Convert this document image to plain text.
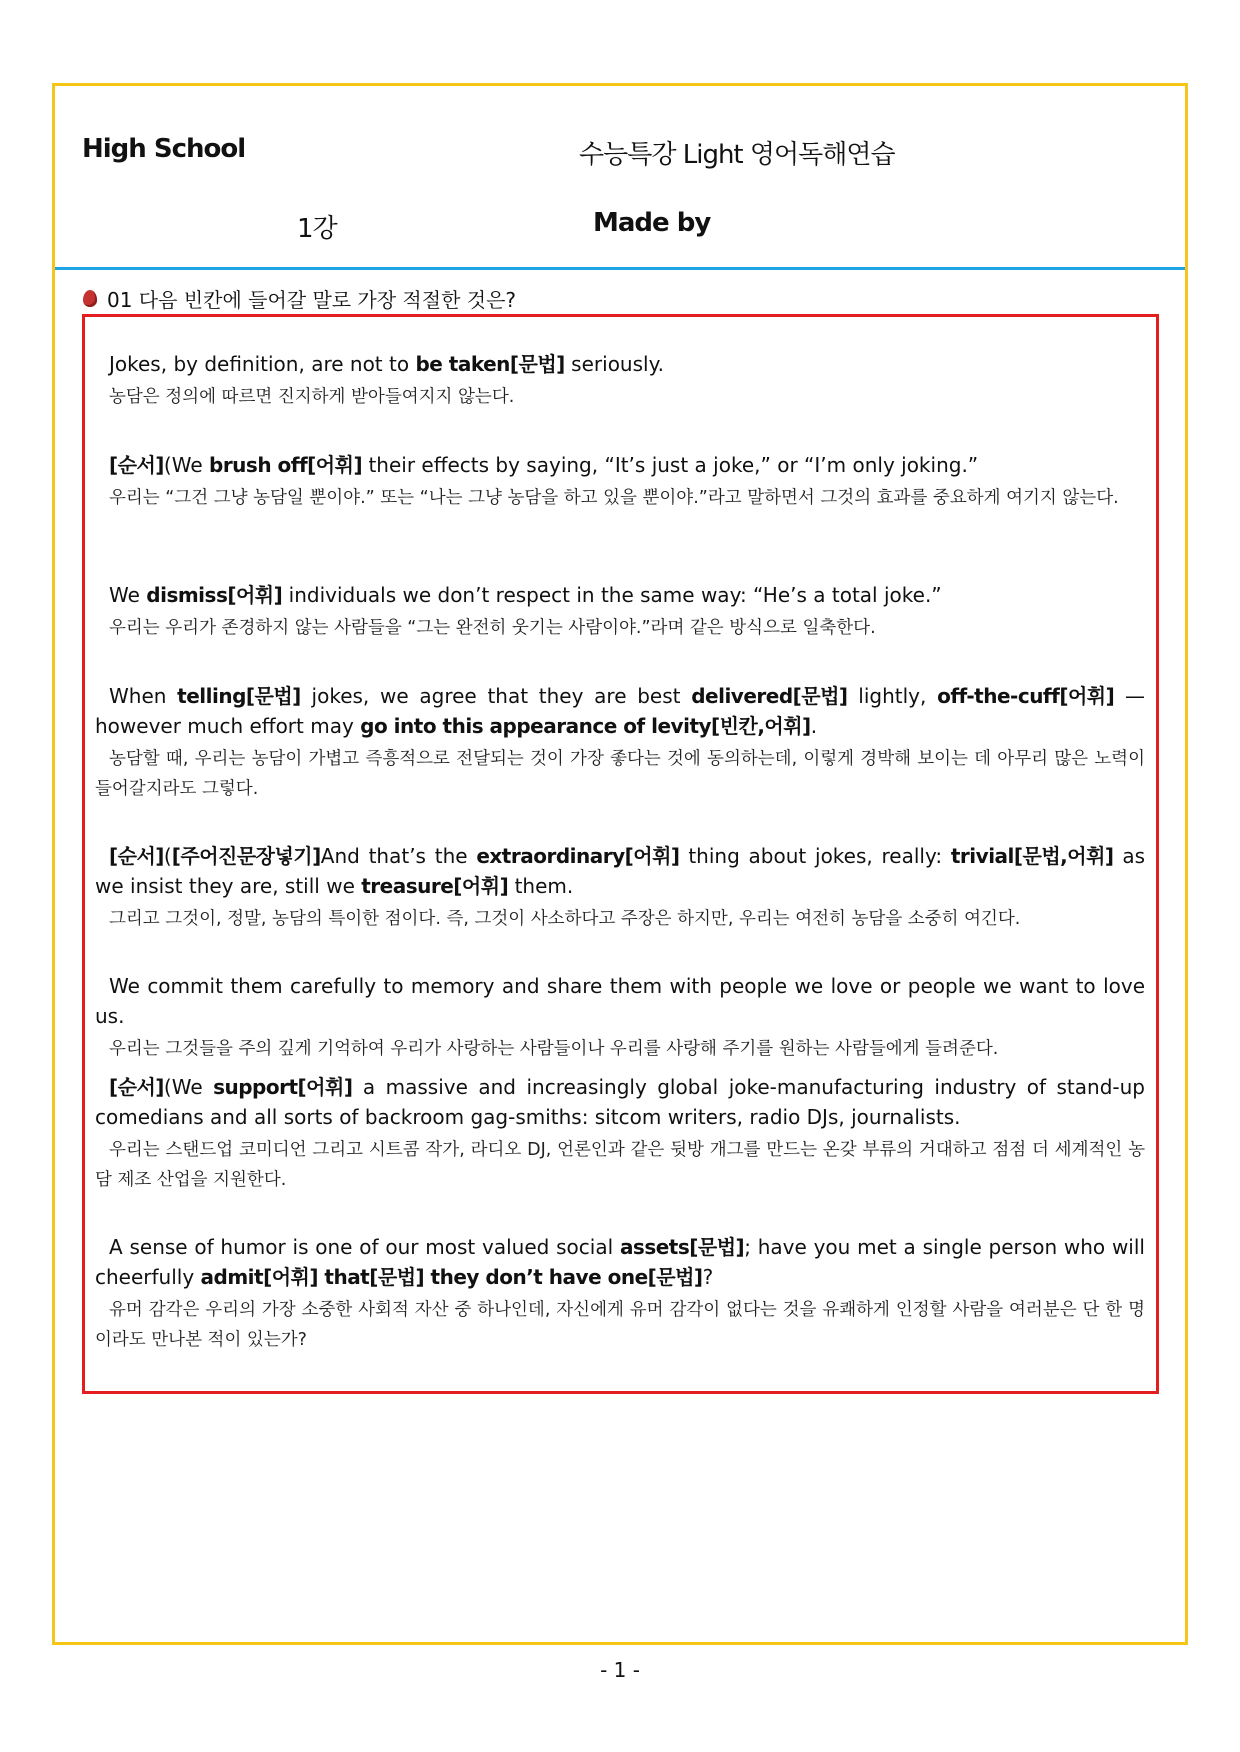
High School	수능특강 Light 영어독해연습
1강	Made by
01 다음 빈칸에 들어갈 말로 가장 적절한 것은?
Jokes, by definition, are not to be taken[문법] seriously.
농담은 정의에 따르면 진지하게 받아들여지지 않는다.
[순서](We brush off[어휘] their effects by saying, “It’s just a joke,” or “I’m only joking.”
우리는 “그건 그냥 농담일 뿐이야.” 또는 “나는 그냥 농담을 하고 있을 뿐이야.”라고 말하면서 그것의 효과를 중요하게 여기지 않는다.
We dismiss[어휘] individuals we don’t respect in the same way: “He’s a total joke.”
우리는 우리가 존경하지 않는 사람들을 “그는 완전히 웃기는 사람이야.”라며 같은 방식으로 일축한다.
When telling[문법] jokes, we agree that they are best delivered[문법] lightly, off-the-cuff[어휘] — however much effort may go into this appearance of levity[빈칸,어휘].
농담할 때, 우리는 농담이 가볍고 즉흥적으로 전달되는 것이 가장 좋다는 것에 동의하는데, 이렇게 경박해 보이는 데 아무리 많은 노력이 들어갈지라도 그렇다.
[순서]([주어진문장넣기]And that’s the extraordinary[어휘] thing about jokes, really: trivial[문법,어휘] as we insist they are, still we treasure[어휘] them.
그리고 그것이, 정말, 농담의 특이한 점이다. 즉, 그것이 사소하다고 주장은 하지만, 우리는 여전히 농담을 소중히 여긴다.
We commit them carefully to memory and share them with people we love or people we want to love us.
우리는 그것들을 주의 깊게 기억하여 우리가 사랑하는 사람들이나 우리를 사랑해 주기를 원하는 사람들에게 들려준다.
[순서](We support[어휘] a massive and increasingly global joke-manufacturing industry of stand-up comedians and all sorts of backroom gag-smiths: sitcom writers, radio DJs, journalists.
우리는 스탠드업 코미디언 그리고 시트콤 작가, 라디오 DJ, 언론인과 같은 뒷방 개그를 만드는 온갖 부류의 거대하고 점점 더 세계적인 농담 제조 산업을 지원한다.
A sense of humor is one of our most valued social assets[문법]; have you met a single person who will cheerfully admit[어휘] that[문법] they don’t have one[문법]?
유머 감각은 우리의 가장 소중한 사회적 자산 중 하나인데, 자신에게 유머 감각이 없다는 것을 유쾌하게 인정할 사람을 여러분은 단 한 명이라도 만나본 적이 있는가?
- 1 -
